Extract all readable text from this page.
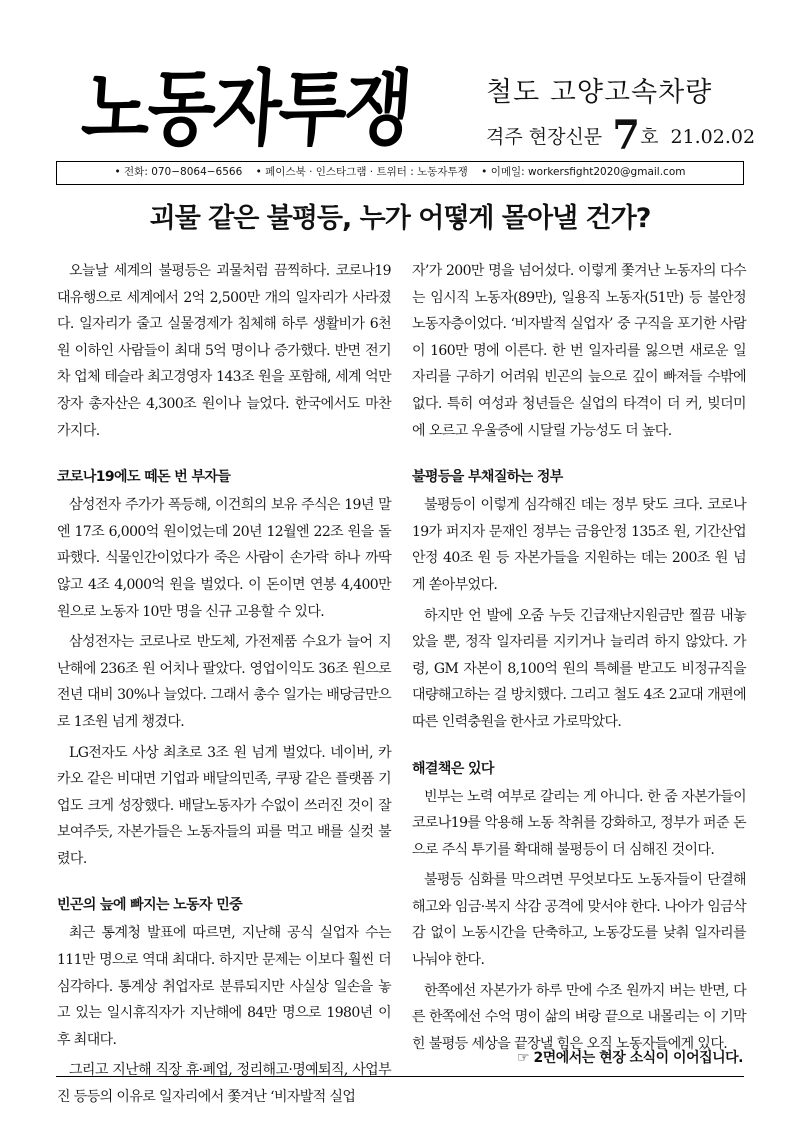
노동자투쟁	철도 고양고속차량
격주 현장신문 7호 21.02.02
• 전화: 070−8064−6566 • 페이스북 · 인스타그램 · 트위터 : 노동자투쟁 • 이메일: workersfight2020@gmail.com
괴물 같은 불평등, 누가 어떻게 몰아낼 건가?

오늘날 세계의 불평등은 괴물처럼 끔찍하다. 코로나19 대유행으로 세계에서 2억 2,500만 개의 일자리가 사라졌다. 일자리가 줄고 실물경제가 침체해 하루 생활비가 6천 원 이하인 사람들이 최대 5억 명이나 증가했다. 반면 전기차 업체 테슬라 최고경영자 143조 원을 포함해, 세계 억만장자 총자산은 4,300조 원이나 늘었다. 한국에서도 마찬가지다.

코로나19에도 떼돈 번 부자들

삼성전자 주가가 폭등해, 이건희의 보유 주식은 19년 말엔 17조 6,000억 원이었는데 20년 12월엔 22조 원을 돌파했다. 식물인간이었다가 죽은 사람이 손가락 하나 까딱 않고 4조 4,000억 원을 벌었다. 이 돈이면 연봉 4,400만 원으로 노동자 10만 명을 신규 고용할 수 있다.

삼성전자는 코로나로 반도체, 가전제품 수요가 늘어 지난해에 236조 원 어치나 팔았다. 영업이익도 36조 원으로 전년 대비 30%나 늘었다. 그래서 총수 일가는 배당금만으로 1조원 넘게 챙겼다.

LG전자도 사상 최초로 3조 원 넘게 벌었다. 네이버, 카카오 같은 비대면 기업과 배달의민족, 쿠팡 같은 플랫폼 기업도 크게 성장했다. 배달노동자가 수없이 쓰러진 것이 잘 보여주듯, 자본가들은 노동자들의 피를 먹고 배를 실컷 불렸다.

빈곤의 늪에 빠지는 노동자 민중

최근 통계청 발표에 따르면, 지난해 공식 실업자 수는 111만 명으로 역대 최대다. 하지만 문제는 이보다 훨씬 더 심각하다. 통계상 취업자로 분류되지만 사실상 일손을 놓고 있는 일시휴직자가 지난해에 84만 명으로 1980년 이후 최대다.

그리고 지난해 직장 휴·폐업, 정리해고·명예퇴직, 사업부진 등등의 이유로 일자리에서 쫓겨난 ‘비자발적 실업

자’가 200만 명을 넘어섰다. 이렇게 쫓겨난 노동자의 다수는 임시직 노동자(89만), 일용직 노동자(51만) 등 불안정 노동자층이었다. ‘비자발적 실업자’ 중 구직을 포기한 사람이 160만 명에 이른다. 한 번 일자리를 잃으면 새로운 일자리를 구하기 어려워 빈곤의 늪으로 깊이 빠져들 수밖에 없다. 특히 여성과 청년들은 실업의 타격이 더 커, 빚더미에 오르고 우울증에 시달릴 가능성도 더 높다.

불평등을 부채질하는 정부

불평등이 이렇게 심각해진 데는 정부 탓도 크다. 코로나19가 퍼지자 문재인 정부는 금융안정 135조 원, 기간산업안정 40조 원 등 자본가들을 지원하는 데는 200조 원 넘게 쏟아부었다.

하지만 언 발에 오줌 누듯 긴급재난지원금만 찔끔 내놓았을 뿐, 정작 일자리를 지키거나 늘리려 하지 않았다. 가령, GM 자본이 8,100억 원의 특혜를 받고도 비정규직을 대량해고하는 걸 방치했다. 그리고 철도 4조 2교대 개편에 따른 인력충원을 한사코 가로막았다.

해결책은 있다

빈부는 노력 여부로 갈리는 게 아니다. 한 줌 자본가들이 코로나19를 악용해 노동 착취를 강화하고, 정부가 퍼준 돈으로 주식 투기를 확대해 불평등이 더 심해진 것이다.

불평등 심화를 막으려면 무엇보다도 노동자들이 단결해 해고와 임금·복지 삭감 공격에 맞서야 한다. 나아가 임금삭감 없이 노동시간을 단축하고, 노동강도를 낮춰 일자리를 나눠야 한다.

한쪽에선 자본가가 하루 만에 수조 원까지 버는 반면, 다른 한쪽에선 수억 명이 삶의 벼랑 끝으로 내몰리는 이 기막힌 불평등 세상을 끝장낼 힘은 오직 노동자들에게 있다.

☞ 2면에서는 현장 소식이 이어집니다.
